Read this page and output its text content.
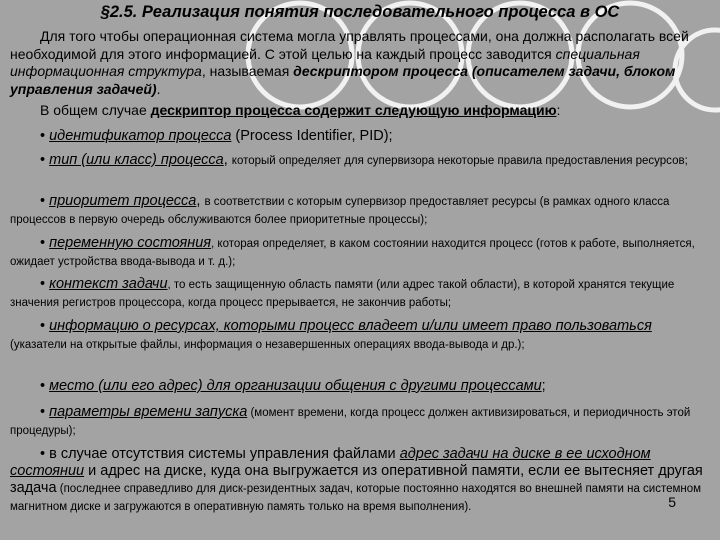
§2.5. Реализация понятия последовательного процесса в ОС

Для того чтобы операционная система могла управлять процессами, она должна располагать всей необходимой для этого информацией. С этой целью на каждый процесс заводится специальная информационная структура, называемая дескриптором процесса (описателем задачи, блоком управления задачей).

В общем случае дескриптор процесса содержит следующую информацию:

• идентификатор процесса (Process Identifier, PID);

• тип (или класс) процесса, который определяет для супервизора некоторые правила предоставления ресурсов;

• приоритет процесса, в соответствии с которым супервизор предоставляет ресурсы (в рамках одного класса процессов в первую очередь обслуживаются более приоритетные процессы);

• переменную состояния, которая определяет, в каком состоянии находится процесс (готов к работе, выполняется, ожидает устройства ввода-вывода и т. д.);

• контекст задачи, то есть защищенную область памяти (или адрес такой области), в которой хранятся текущие значения регистров процессора, когда процесс прерывается, не закончив работы;

• информацию о ресурсах, которыми процесс владеет и/или имеет право пользоваться (указатели на открытые файлы, информация о незавершенных операциях ввода-вывода и др.);

• место (или его адрес) для организации общения с другими процессами;

• параметры времени запуска (момент времени, когда процесс должен активизироваться, и периодичность этой процедуры);

• в случае отсутствия системы управления файлами адрес задачи на диске в ее исходном состоянии и адрес на диске, куда она выгружается из оперативной памяти, если ее вытесняет другая задача (последнее справедливо для диск-резидентных задач, которые постоянно находятся во внешней памяти на системном магнитном диске и загружаются в оперативную память только на время выполнения).	5
